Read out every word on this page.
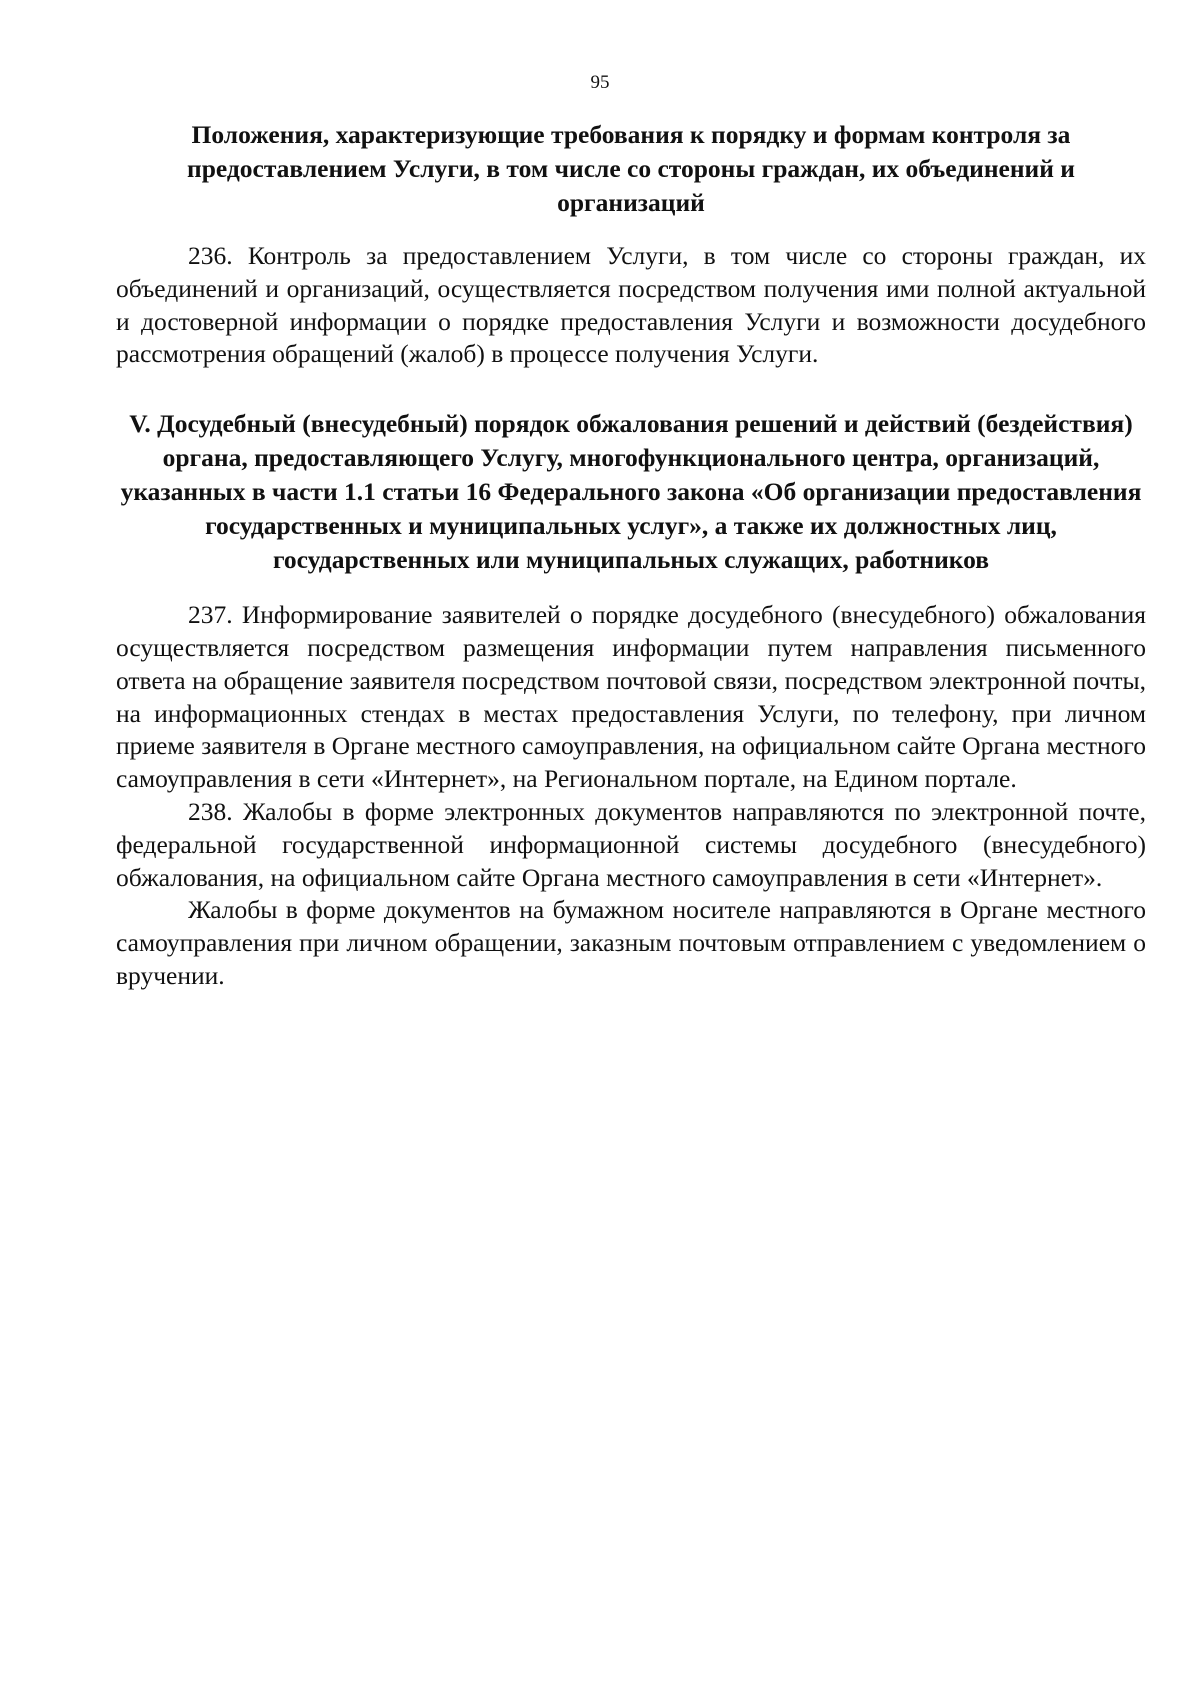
95
Положения, характеризующие требования к порядку и формам контроля за предоставлением Услуги, в том числе со стороны граждан, их объединений и организаций

236. Контроль за предоставлением Услуги, в том числе со стороны граждан, их объединений и организаций, осуществляется посредством получения ими полной актуальной и достоверной информации о порядке предоставления Услуги и возможности досудебного рассмотрения обращений (жалоб) в процессе получения Услуги.

V. Досудебный (внесудебный) порядок обжалования решений и действий (бездействия) органа, предоставляющего Услугу, многофункционального центра, организаций, указанных в части 1.1 статьи 16 Федерального закона «Об организации предоставления государственных и муниципальных услуг», а также их должностных лиц, государственных или муниципальных служащих, работников

237. Информирование заявителей о порядке досудебного (внесудебного) обжалования осуществляется посредством размещения информации путем направления письменного ответа на обращение заявителя посредством почтовой связи, посредством электронной почты, на информационных стендах в местах предоставления Услуги, по телефону, при личном приеме заявителя в Органе местного самоуправления, на официальном сайте Органа местного самоуправления в сети «Интернет», на Региональном портале, на Едином портале.

238. Жалобы в форме электронных документов направляются по электронной почте, федеральной государственной информационной системы досудебного (внесудебного) обжалования, на официальном сайте Органа местного самоуправления в сети «Интернет».

Жалобы в форме документов на бумажном носителе направляются в Органе местного самоуправления при личном обращении, заказным почтовым отправлением с уведомлением о вручении.
